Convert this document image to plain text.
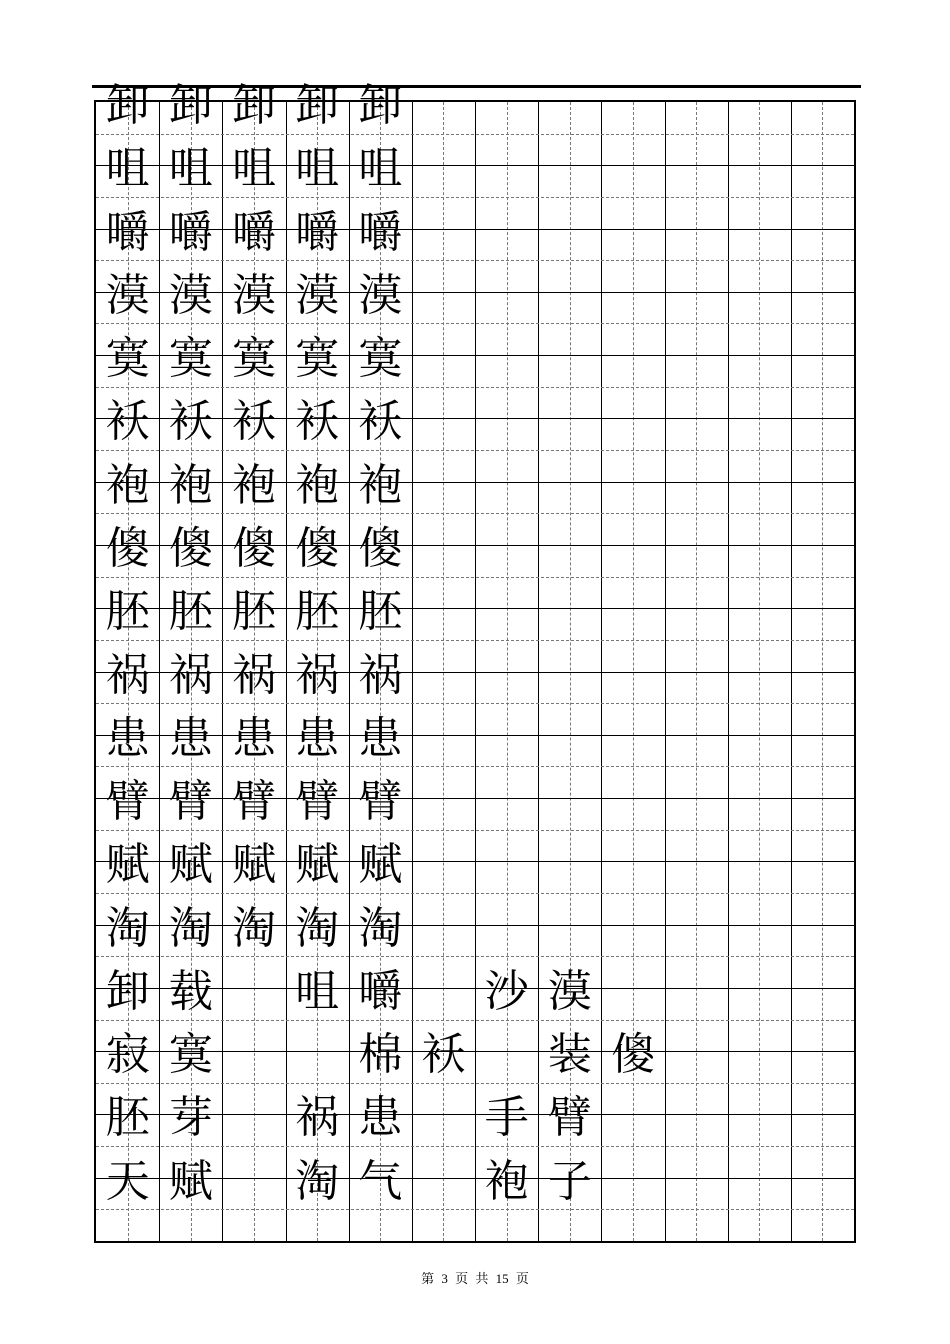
卸 卸 卸 卸 卸
咀 咀 咀 咀 咀
嚼 嚼 嚼 嚼 嚼
漠 漠 漠 漠 漠
寞 寞 寞 寞 寞
袄 袄 袄 袄 袄
袍 袍 袍 袍 袍
傻 傻 傻 傻 傻
胚 胚 胚 胚 胚
祸 祸 祸 祸 祸
患 患 患 患 患
臂 臂 臂 臂 臂
赋 赋 赋 赋 赋
淘 淘 淘 淘 淘
卸 载 咀 嚼 沙 漠
寂 寞	棉 袄 装 傻
胚 芽 祸 患 手 臂
天 赋 淘 气 袍 子
第 3 页 共 15 页
